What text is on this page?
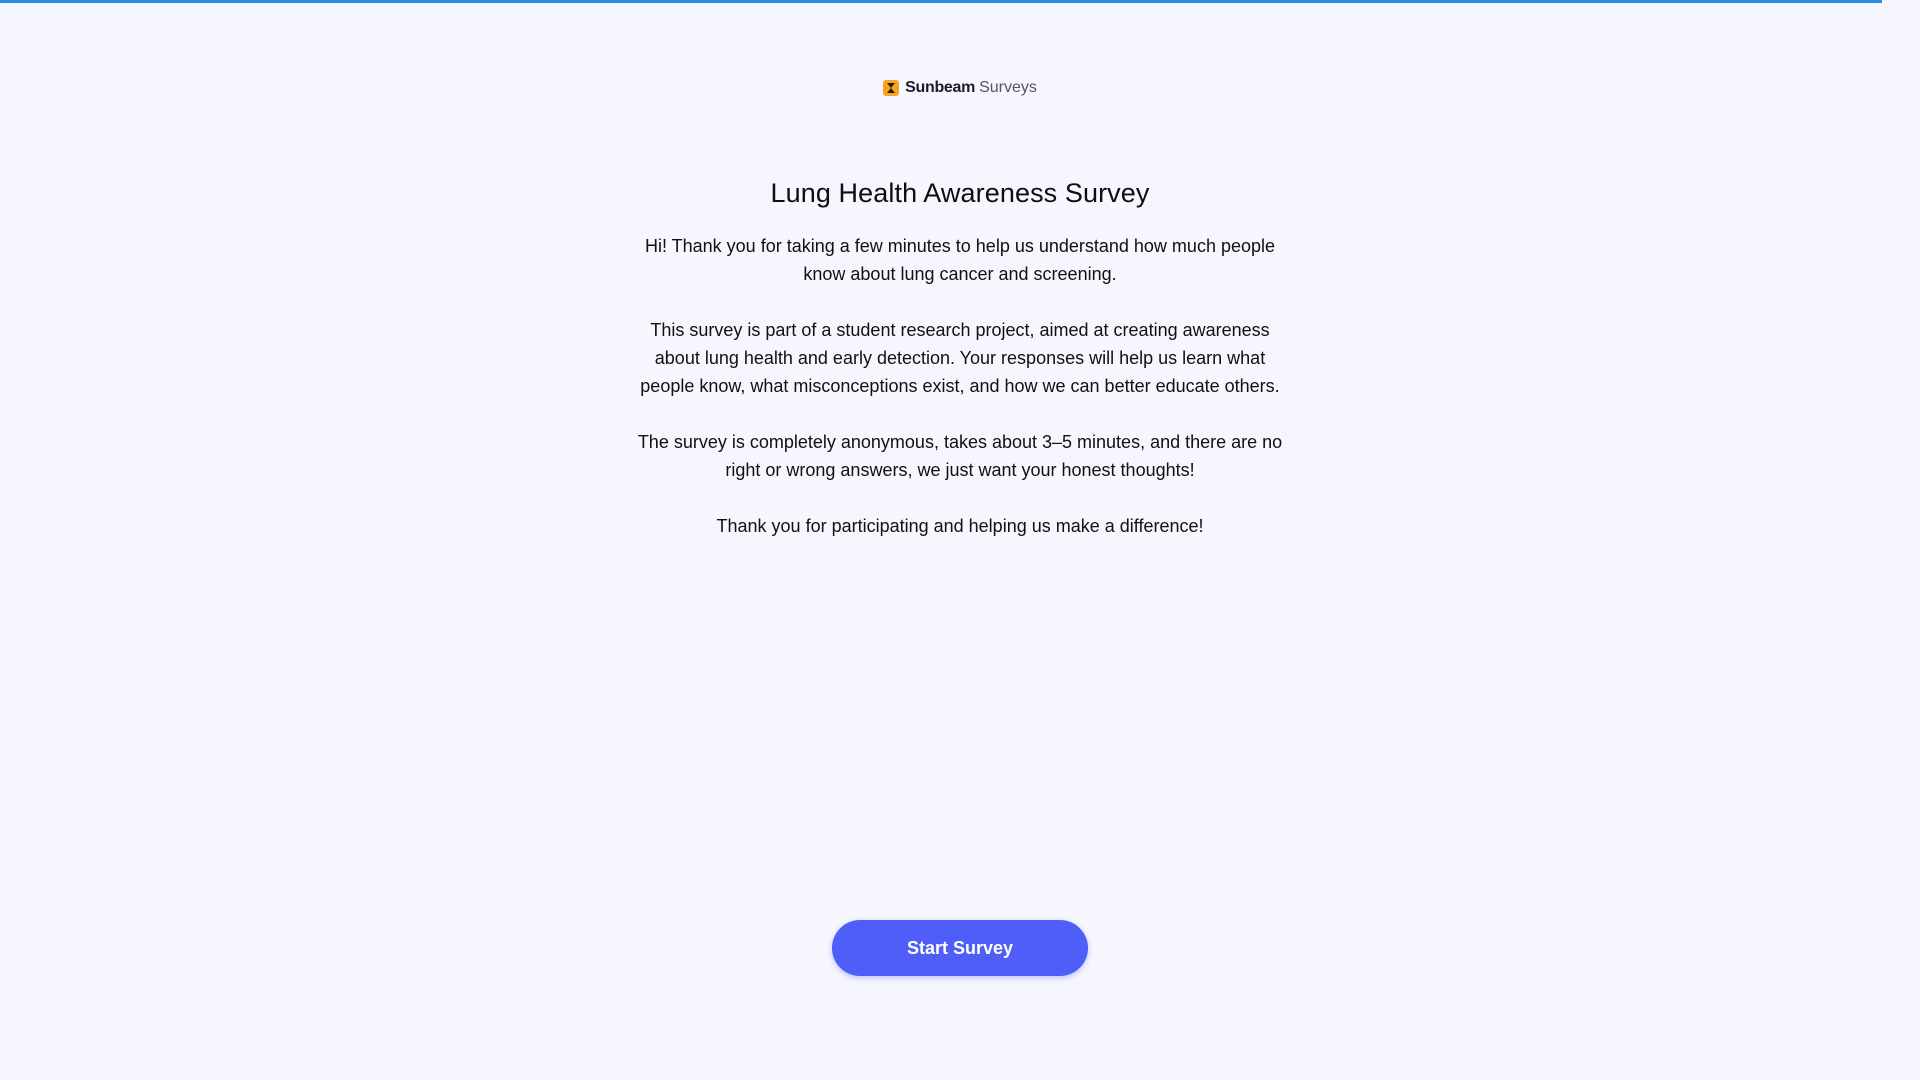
Sunbeam Surveys
Lung Health Awareness Survey

Hi! Thank you for taking a few minutes to help us understand how much people know about lung cancer and screening.

This survey is part of a student research project, aimed at creating awareness about lung health and early detection. Your responses will help us learn what people know, what misconceptions exist, and how we can better educate others.

The survey is completely anonymous, takes about 3–5 minutes, and there are no right or wrong answers, we just want your honest thoughts!

Thank you for participating and helping us make a difference!

Start Survey
